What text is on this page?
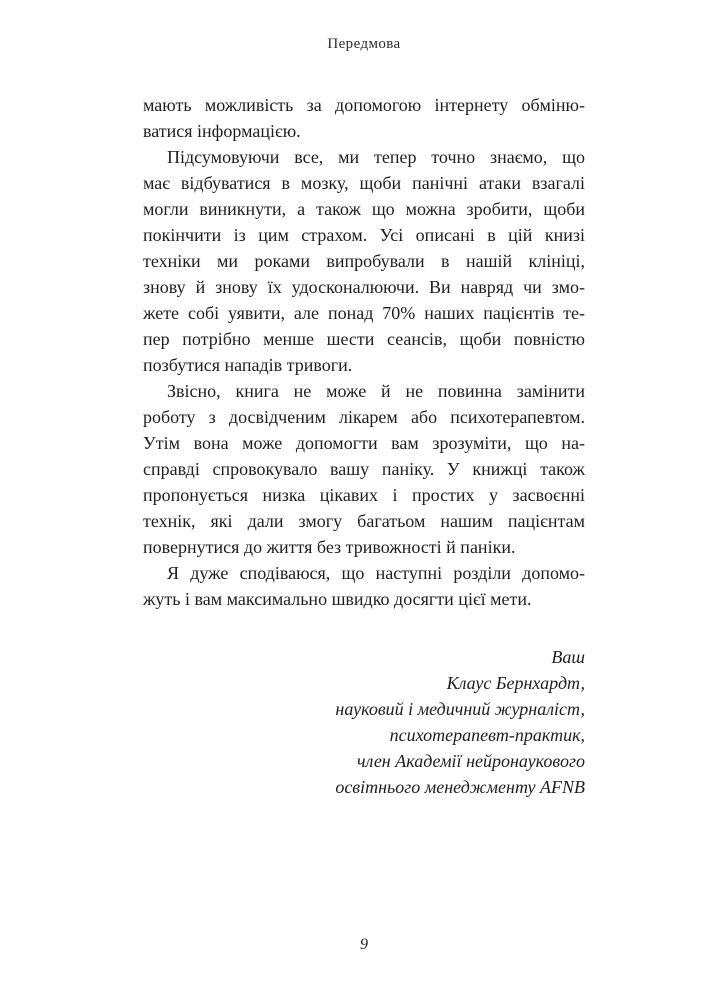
Передмова
мають можливість за допомогою інтернету обміню-
ватися інформацією.
Підсумовуючи все, ми тепер точно знаємо, що
має відбуватися в мозку, щоби панічні атаки взагалі
могли виникнути, а також що можна зробити, щоби
покінчити із цим страхом. Усі описані в цій книзі
техніки ми роками випробували в нашій клініці,
знову й знову їх удосконалюючи. Ви навряд чи змо-
жете собі уявити, але понад 70% наших пацієнтів те-
пер потрібно менше шести сеансів, щоби повністю
позбутися нападів тривоги.
Звісно, книга не може й не повинна замінити
роботу з досвідченим лікарем або психотерапевтом.
Утім вона може допомогти вам зрозуміти, що на-
справді спровокувало вашу паніку. У книжці також
пропонується низка цікавих і простих у засвоєнні
технік, які дали змогу багатьом нашим пацієнтам
повернутися до життя без тривожності й паніки.
Я дуже сподіваюся, що наступні розділи допомо-
жуть і вам максимально швидко досягти цієї мети.
Ваш
Клаус Бернхардт,
науковий і медичний журналіст,
психотерапевт-практик,
член Академії нейронаукового
освітнього менеджменту AFNB
9
